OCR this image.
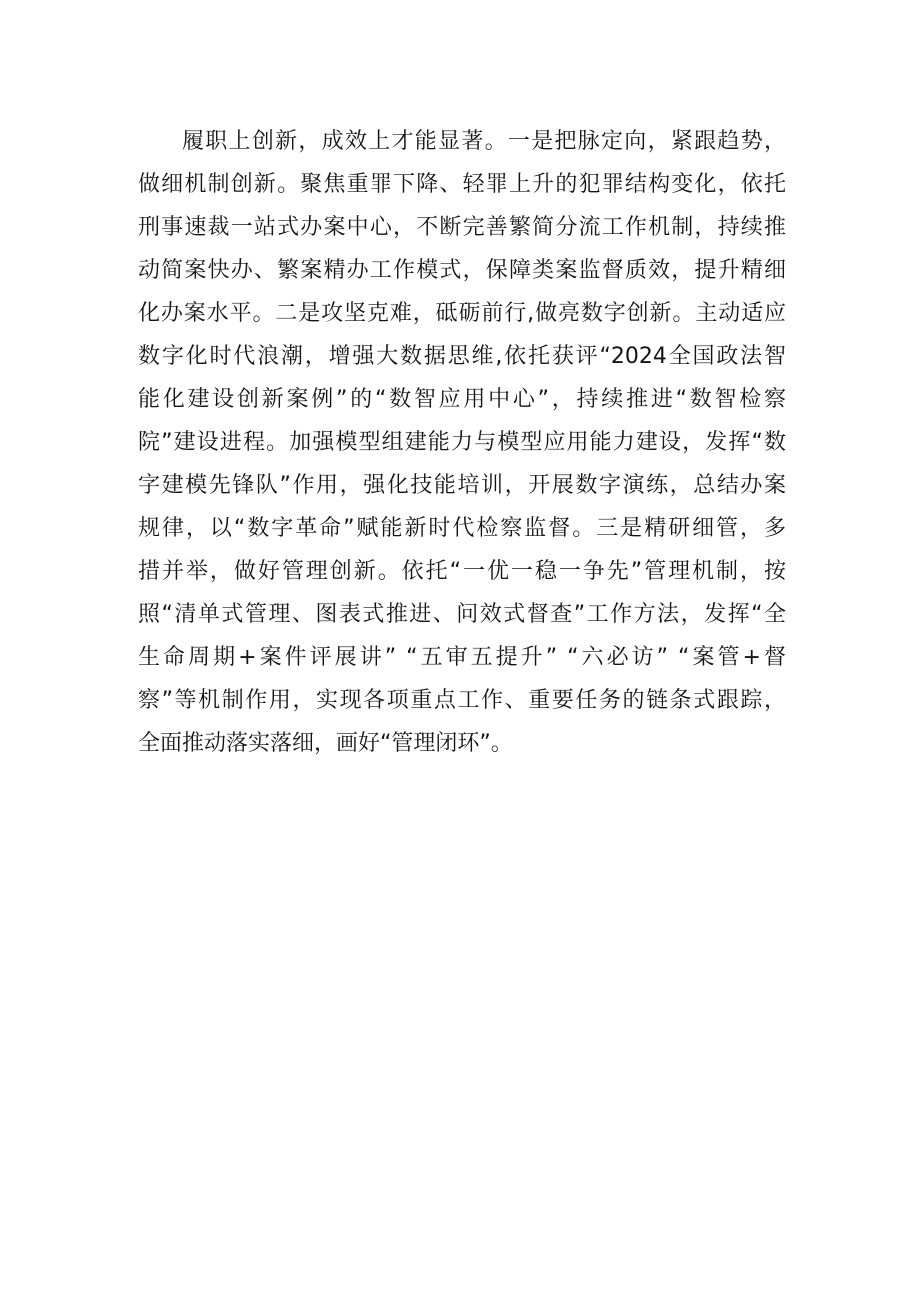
履职上创新，成效上才能显著。一是把脉定向，紧跟趋势，
做细机制创新。聚焦重罪下降、轻罪上升的犯罪结构变化，依托
刑事速裁一站式办案中心，不断完善繁简分流工作机制，持续推
动简案快办、繁案精办工作模式，保障类案监督质效，提升精细
化办案水平。二是攻坚克难，砥砺前行,做亮数字创新。主动适应
数字化时代浪潮，增强大数据思维,依托获评“2024全国政法智
能化建设创新案例”的“数智应用中心”，持续推进“数智检察
院”建设进程。加强模型组建能力与模型应用能力建设，发挥“数
字建模先锋队”作用，强化技能培训，开展数字演练，总结办案
规律，以“数字革命”赋能新时代检察监督。三是精研细管，多
措并举，做好管理创新。依托“一优一稳一争先”管理机制，按
照“清单式管理、图表式推进、问效式督查”工作方法，发挥“全
生命周期+案件评展讲” “五审五提升” “六必访” “案管+督
察”等机制作用，实现各项重点工作、重要任务的链条式跟踪，
全面推动落实落细，画好“管理闭环”。
